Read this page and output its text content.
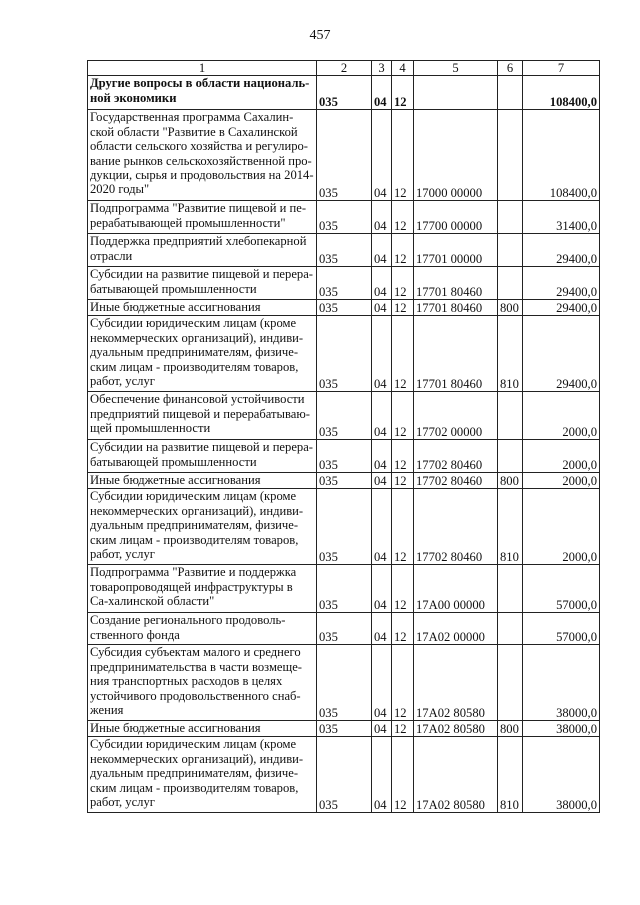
457
1	2	3	4	5	6	7
Другие вопросы в области националь-ной экономики	035	04	12			108400,0
Государственная программа Сахалин-ской области "Развитие в Сахалинской области сельского хозяйства и регулиро-вание рынков сельскохозяйственной про-дукции, сырья и продовольствия на 2014-2020 годы"	035	04	12	17000 00000		108400,0
Подпрограмма "Развитие пищевой и пе-рерабатывающей промышленности"	035	04	12	17700 00000		31400,0
Поддержка предприятий хлебопекарной отрасли	035	04	12	17701 00000		29400,0
Субсидии на развитие пищевой и перера-батывающей промышленности	035	04	12	17701 80460		29400,0
Иные бюджетные ассигнования	035	04	12	17701 80460	800	29400,0
Субсидии юридическим лицам (кроме некоммерческих организаций), индиви-дуальным предпринимателям, физиче-ским лицам - производителям товаров, работ, услуг	035	04	12	17701 80460	810	29400,0
Обеспечение финансовой устойчивости предприятий пищевой и перерабатываю-щей промышленности	035	04	12	17702 00000		2000,0
Субсидии на развитие пищевой и перера-батывающей промышленности	035	04	12	17702 80460		2000,0
Иные бюджетные ассигнования	035	04	12	17702 80460	800	2000,0
Субсидии юридическим лицам (кроме некоммерческих организаций), индиви-дуальным предпринимателям, физиче-ским лицам - производителям товаров, работ, услуг	035	04	12	17702 80460	810	2000,0
Подпрограмма "Развитие и поддержка товаропроводящей инфраструктуры в Са-халинской области"	035	04	12	17А00 00000		57000,0
Создание регионального продоволь-ственного фонда	035	04	12	17А02 00000		57000,0
Субсидия субъектам малого и среднего предпринимательства в части возмеще-ния транспортных расходов в целях устойчивого продовольственного снаб-жения	035	04	12	17А02 80580		38000,0
Иные бюджетные ассигнования	035	04	12	17А02 80580	800	38000,0
Субсидии юридическим лицам (кроме некоммерческих организаций), индиви-дуальным предпринимателям, физиче-ским лицам - производителям товаров, работ, услуг	035	04	12	17А02 80580	810	38000,0
